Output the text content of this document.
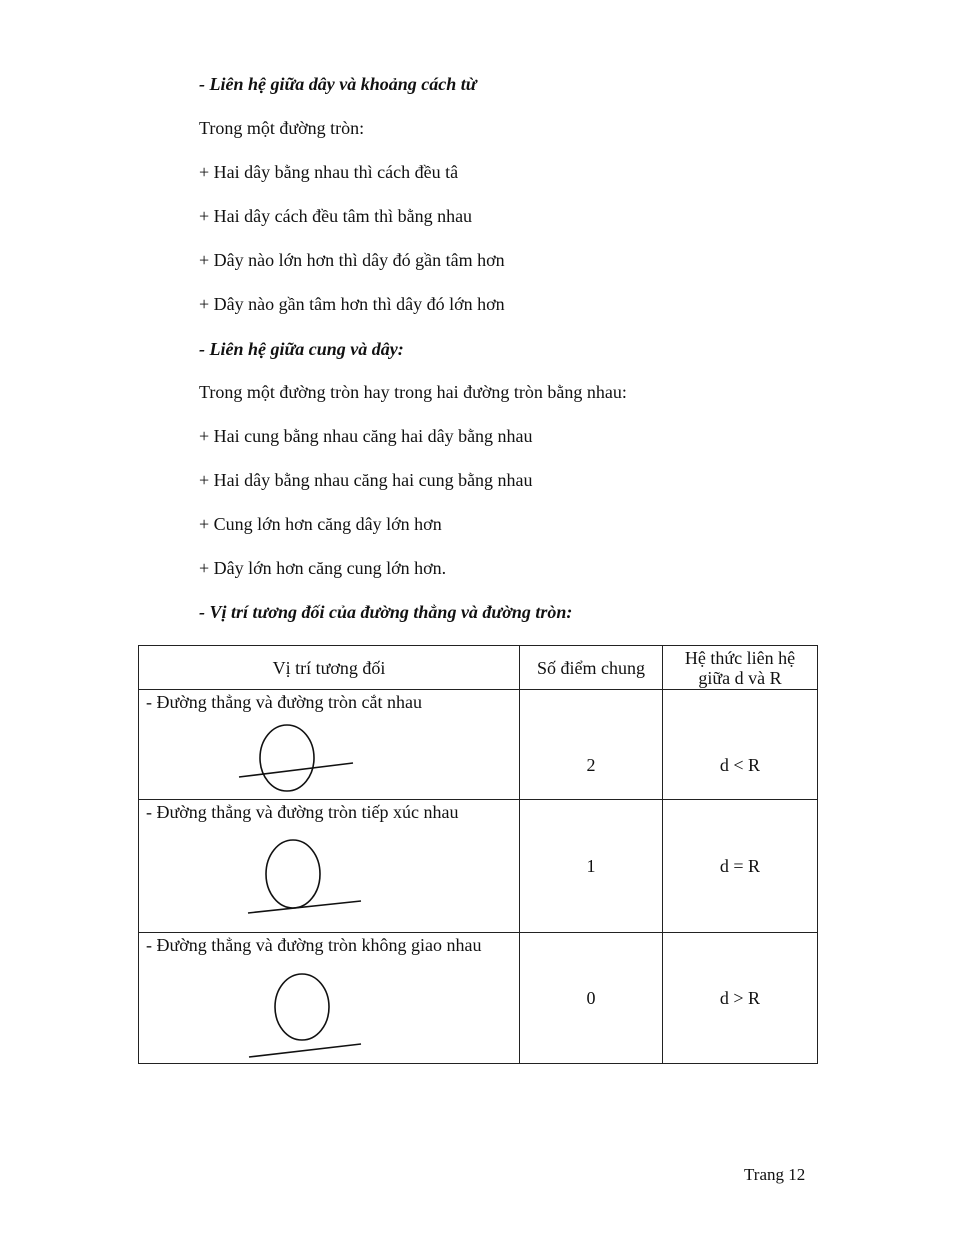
- Liên hệ giữa dây và khoảng cách từ
Trong một đường tròn:
+ Hai dây bằng nhau thì cách đều tâ
+ Hai dây cách đều tâm thì bằng nhau
+ Dây nào lớn hơn thì dây đó gần tâm hơn
+ Dây nào gần tâm hơn thì dây đó lớn hơn
- Liên hệ giữa cung và dây:
Trong một đường tròn hay trong hai đường tròn bằng nhau:
+ Hai cung bằng nhau căng hai dây bằng nhau
+ Hai dây bằng nhau căng hai cung bằng nhau
+ Cung lớn hơn căng dây lớn hơn
+ Dây lớn hơn căng cung lớn hơn.
- Vị trí tương đối của đường thẳng và đường tròn:
Vị trí tương đối	Số điểm chung	Hệ thức liên hệ
giữa d và R

- Đường thẳng và đường tròn cắt nhau	2	d < R

- Đường thẳng và đường tròn tiếp xúc nhau	1	d = R

- Đường thẳng và đường tròn không giao nhau	0	d > R
Trang 12
